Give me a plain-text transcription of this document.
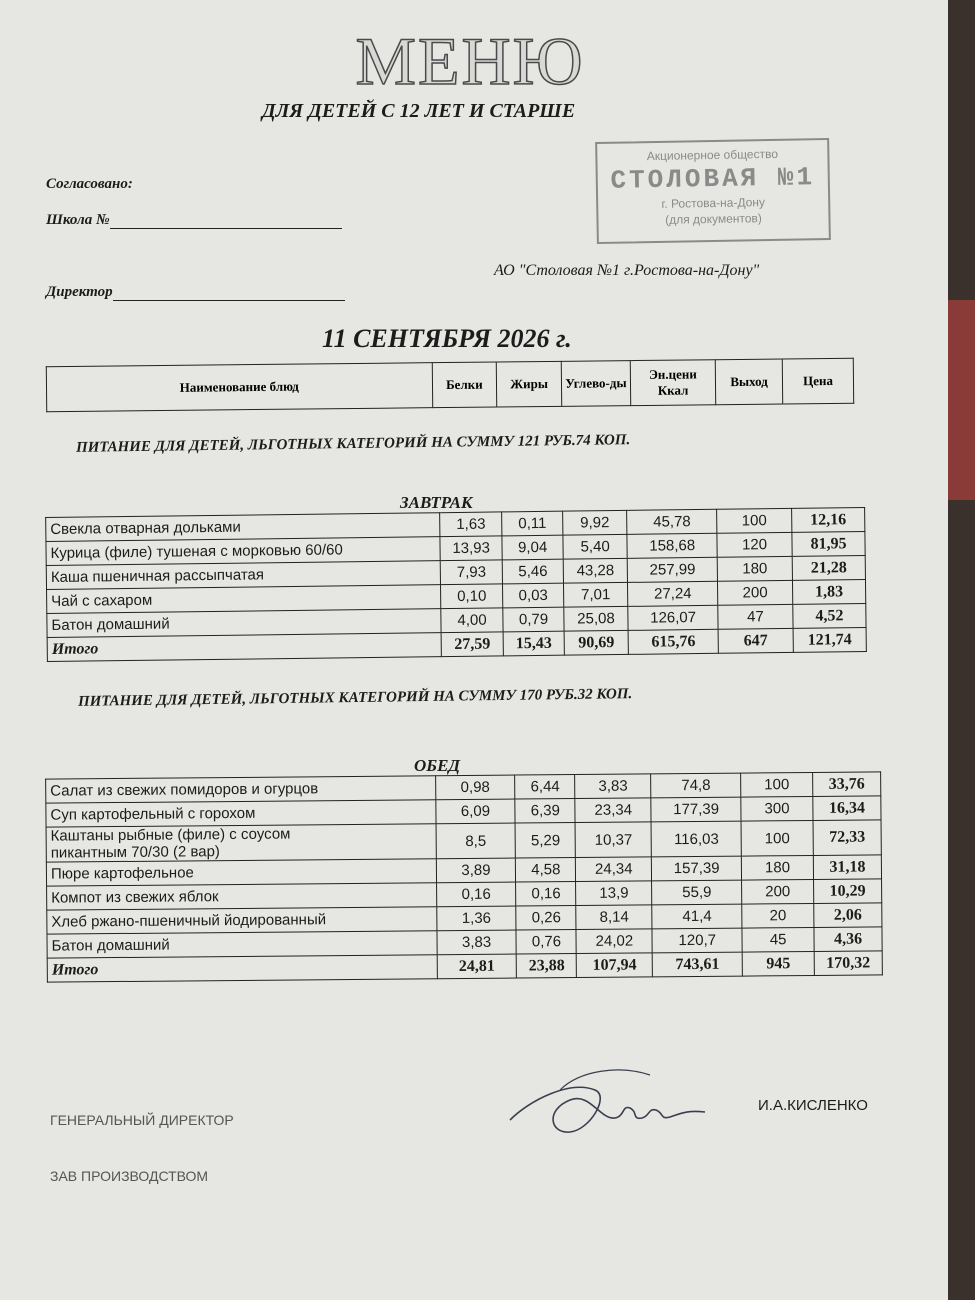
МЕНЮ
ДЛЯ ДЕТЕЙ С 12 ЛЕТ И СТАРШЕ
Согласовано:
Школа №
Директор
Акционерное общество
СТОЛОВАЯ №1
г. Ростова-на-Дону
(для документов)
АО "Столовая №1 г.Ростова-на-Дону"
11 СЕНТЯБРЯ 2026 г.
Наименование блюд	Белки	Жиры	Углево-ды	Эн.цени Ккал	Выход	Цена
ПИТАНИЕ ДЛЯ ДЕТЕЙ, ЛЬГОТНЫХ КАТЕГОРИЙ НА СУММУ 121 РУБ.74 КОП.
ЗАВТРАК
Свекла отварная дольками	1,63	0,11	9,92	45,78	100	12,16
Курица (филе) тушеная с морковью 60/60	13,93	9,04	5,40	158,68	120	81,95
Каша пшеничная рассыпчатая	7,93	5,46	43,28	257,99	180	21,28
Чай с сахаром	0,10	0,03	7,01	27,24	200	1,83
Батон домашний	4,00	0,79	25,08	126,07	47	4,52
Итого	27,59	15,43	90,69	615,76	647	121,74
ПИТАНИЕ ДЛЯ ДЕТЕЙ, ЛЬГОТНЫХ КАТЕГОРИЙ НА СУММУ 170 РУБ.32 КОП.
ОБЕД
Салат из свежих помидоров и огурцов	0,98	6,44	3,83	74,8	100	33,76
Суп картофельный с горохом	6,09	6,39	23,34	177,39	300	16,34

Каштаны рыбные (филе) с соусом
пикантным 70/30 (2 вар)	8,5	5,29	10,37	116,03	100	72,33
Пюре картофельное	3,89	4,58	24,34	157,39	180	31,18
Компот из свежих яблок	0,16	0,16	13,9	55,9	200	10,29
Хлеб ржано-пшеничный йодированный	1,36	0,26	8,14	41,4	20	2,06
Батон домашний	3,83	0,76	24,02	120,7	45	4,36
Итого	24,81	23,88	107,94	743,61	945	170,32
ГЕНЕРАЛЬНЫЙ ДИРЕКТОР
ЗАВ ПРОИЗВОДСТВОМ
И.А.КИСЛЕНКО
